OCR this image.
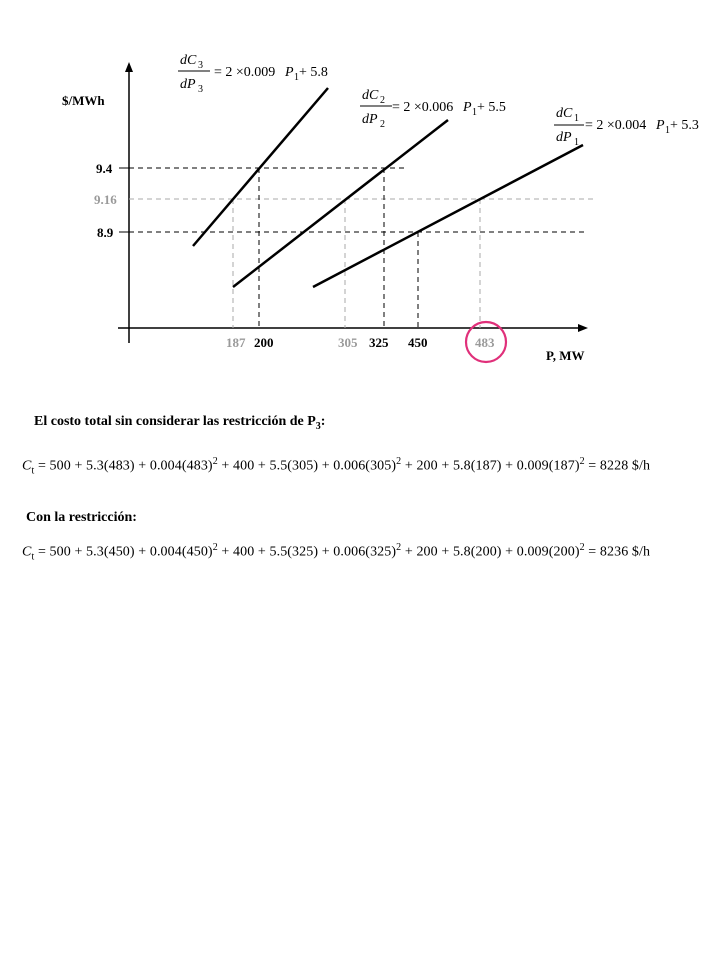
$/MWh
9.4
9.16
8.9
187 200	305 325 450	483
P, MW
dC 3
dP 3
= 2 ×0.009 P 1 + 5.8
dC 2
dP 2
= 2 ×0.006 P 1 + 5.5	dC 1
dP 1
= 2 ×0.004 P 1 + 5.3
El costo total sin considerar las restricción de $P_3$:
$C_t = 500 + 5.3(483) + 0.004(483)^2 + 400 + 5.5(305) + 0.006(305)^2 + 200 + 5.8(187) + 0.009(187)^2 = 8228$ $/h
Con la restricción:
$C_t = 500 + 5.3(450) + 0.004(450)^2 + 400 + 5.5(325) + 0.006(325)^2 + 200 + 5.8(200) + 0.009(200)^2 = 8236$ $/h
